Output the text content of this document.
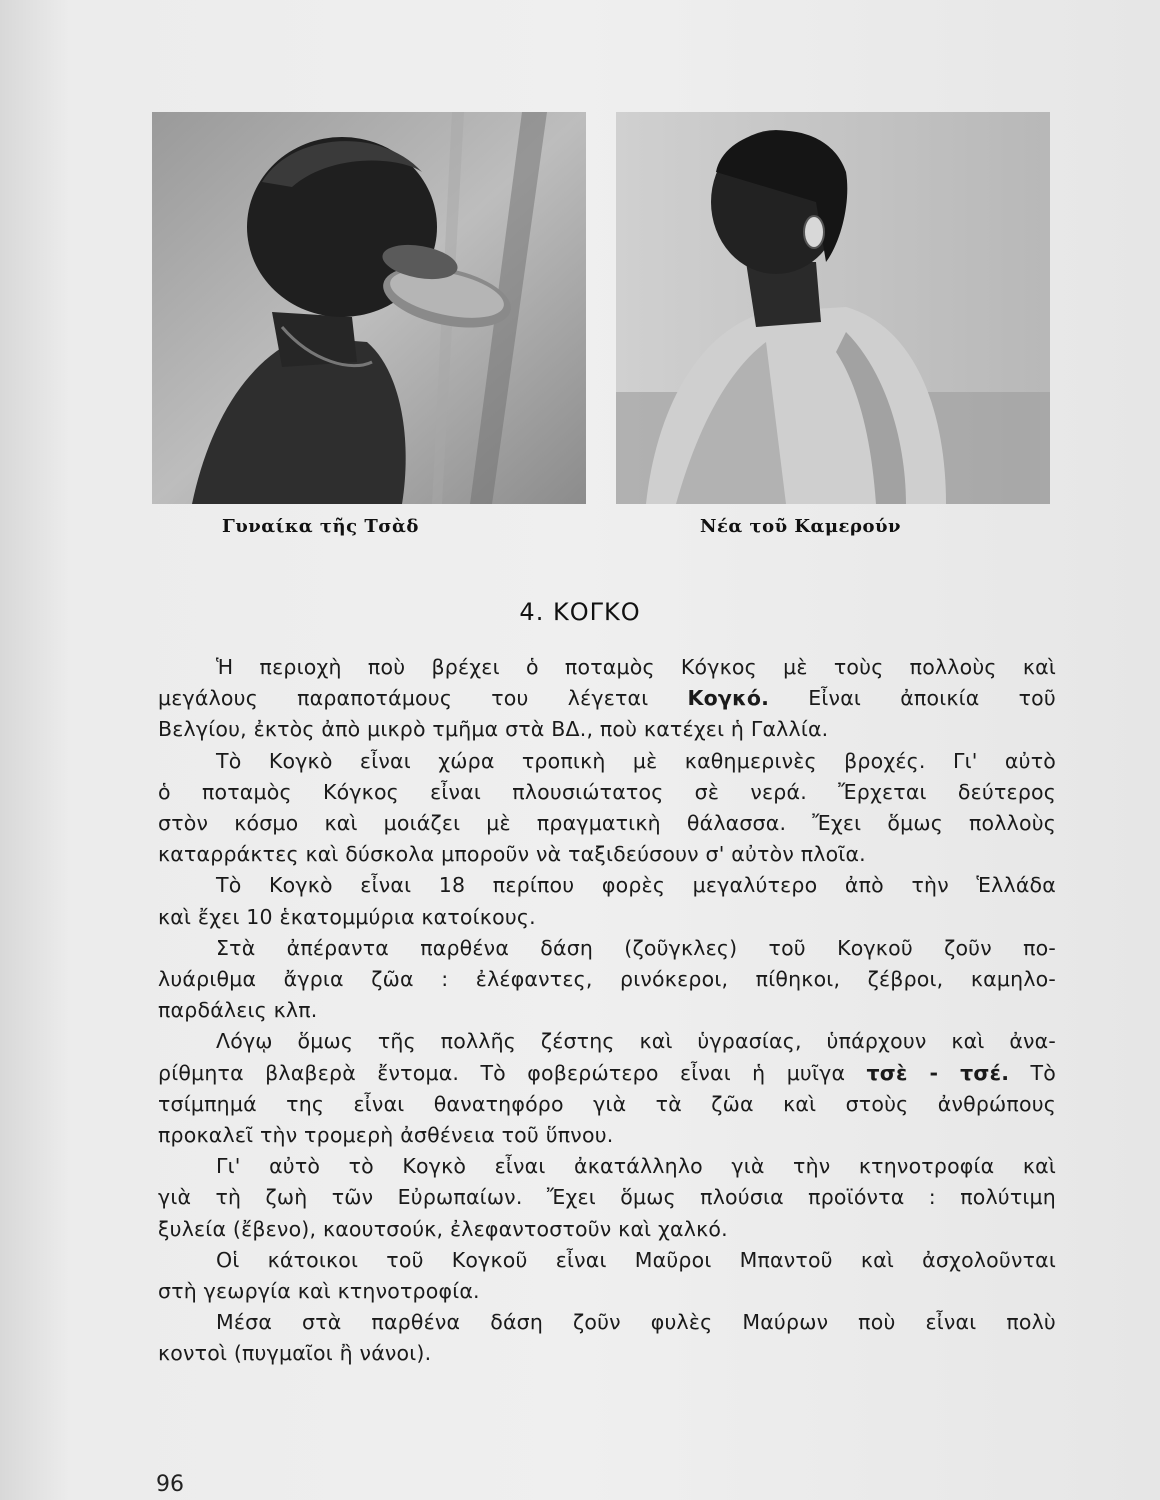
Γυναίκα τῆς Τσὰδ	Νέα τοῦ Καμερούν
4. ΚΟΓΚΟ
Ἡ περιοχὴ ποὺ βρέχει ὁ ποταμὸς Κόγκος μὲ τοὺς πολλοὺς καὶ
μεγάλους παραποτάμους του λέγεται Κογκό. Εἶναι ἀποικία τοῦ
Βελγίου, ἐκτὸς ἀπὸ μικρὸ τμῆμα στὰ ΒΔ., ποὺ κατέχει ἡ Γαλλία.
Τὸ Κογκὸ εἶναι χώρα τροπικὴ μὲ καθημερινὲς βροχές. Γι' αὐτὸ
ὁ ποταμὸς Κόγκος εἶναι πλουσιώτατος σὲ νερά. Ἔρχεται δεύτερος
στὸν κόσμο καὶ μοιάζει μὲ πραγματικὴ θάλασσα. Ἔχει ὅμως πολλοὺς
καταρράκτες καὶ δύσκολα μποροῦν νὰ ταξιδεύσουν σ' αὐτὸν πλοῖα.
Τὸ Κογκὸ εἶναι 18 περίπου φορὲς μεγαλύτερο ἀπὸ τὴν Ἑλλάδα
καὶ ἔχει 10 ἑκατομμύρια κατοίκους.
Στὰ ἀπέραντα παρθένα δάση (ζοῦγκλες) τοῦ Κογκοῦ ζοῦν πο-
λυάριθμα ἄγρια ζῶα : ἐλέφαντες, ρινόκεροι, πίθηκοι, ζέβροι, καμηλο-
παρδάλεις κλπ.
Λόγῳ ὅμως τῆς πολλῆς ζέστης καὶ ὑγρασίας, ὑπάρχουν καὶ ἀνα-
ρίθμητα βλαβερὰ ἔντομα. Τὸ φοβερώτερο εἶναι ἡ μυῖγα τσὲ - τσέ. Τὸ
τσίμπημά της εἶναι θανατηφόρο γιὰ τὰ ζῶα καὶ στοὺς ἀνθρώπους
προκαλεῖ τὴν τρομερὴ ἀσθένεια τοῦ ὕπνου.
Γι' αὐτὸ τὸ Κογκὸ εἶναι ἀκατάλληλο γιὰ τὴν κτηνοτροφία καὶ
γιὰ τὴ ζωὴ τῶν Εὐρωπαίων. Ἔχει ὅμως πλούσια προϊόντα : πολύτιμη
ξυλεία (ἔβενο), καουτσούκ, ἐλεφαντοστοῦν καὶ χαλκό.
Οἱ κάτοικοι τοῦ Κογκοῦ εἶναι Μαῦροι Μπαντοῦ καὶ ἀσχολοῦνται
στὴ γεωργία καὶ κτηνοτροφία.
Μέσα στὰ παρθένα δάση ζοῦν φυλὲς Μαύρων ποὺ εἶναι πολὺ
κοντοὶ (πυγμαῖοι ἢ νάνοι).
96
